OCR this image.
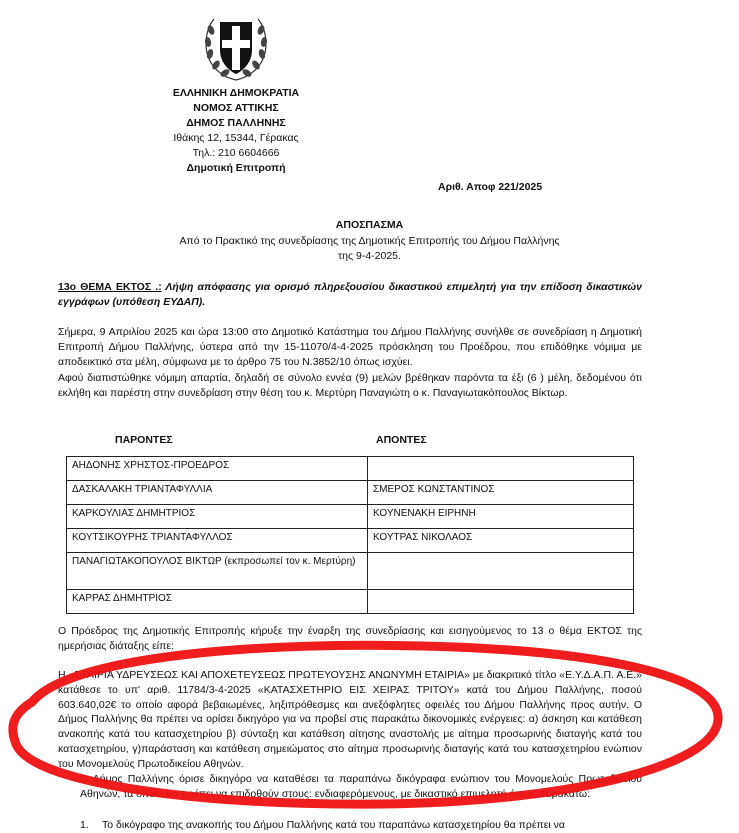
ΕΛΛΗΝΙΚΗ ΔΗΜΟΚΡΑΤΙΑ
ΝΟΜΟΣ ΑΤΤΙΚΗΣ
ΔΗΜΟΣ ΠΑΛΛΗΝΗΣ
Ιθάκης 12, 15344, Γέρακας
Τηλ.: 210 6604666
Δημοτική Επιτροπή
Αριθ. Αποφ 221/2025
ΑΠΟΣΠΑΣΜΑ
Από το Πρακτικό της συνεδρίασης της Δημοτικής Επιτροπής του Δήμου Παλλήνης
της 9-4-2025.
13ο ΘΕΜΑ ΕΚΤΟΣ .: Λήψη απόφασης για ορισμό πληρεξουσίου δικαστικού επιμελητή για την επίδοση δικαστικών εγγράφων (υπόθεση ΕΥΔΑΠ).
Σήμερα, 9 Απριλίου 2025 και ώρα 13:00 στο Δημοτικό Κατάστημα του Δήμου Παλλήνης συνήλθε σε συνεδρίαση η Δημοτική Επιτροπή Δήμου Παλλήνης, ύστερα από την 15-11070/4-4-2025 πρόσκληση του Προέδρου, που επιδόθηκε νόμιμα με αποδεικτικό στα μέλη, σύμφωνα με το άρθρο 75 του Ν.3852/10 όπως ισχύει.
Αφού διαπιστώθηκε νόμιμη απαρτία, δηλαδή σε σύνολο εννέα (9) μελών βρέθηκαν παρόντα τα έξι (6 ) μέλη, δεδομένου ότι εκλήθη και παρέστη στην συνεδρίαση στην θέση του κ. Μερτύρη Παναγιώτη ο κ. Παναγιωτακόπουλος Βίκτωρ.
ΠΑΡΟΝΤΕΣ	ΑΠΟΝΤΕΣ
ΑΗΔΟΝΗΣ ΧΡΗΣΤΟΣ-ΠΡΟΕΔΡΟΣ	
ΔΑΣΚΑΛΑΚΗ ΤΡΙΑΝΤΑΦΥΛΛΙΑ	ΣΜΕΡΟΣ ΚΩΝΣΤΑΝΤΙΝΟΣ
ΚΑΡΚΟΥΛΙΑΣ ΔΗΜΗΤΡΙΟΣ	ΚΟΥΝΕΝΑΚΗ ΕΙΡΗΝΗ
ΚΟΥΤΣΙΚΟΥΡΗΣ ΤΡΙΑΝΤΑΦΥΛΛΟΣ	ΚΟΥΤΡΑΣ ΝΙΚΟΛΑΟΣ
ΠΑΝΑΓΙΩΤΑΚΟΠΟΥΛΟΣ ΒΙΚΤΩΡ (εκπροσωπεί τον κ. Μερτύρη)	
ΚΑΡΡΑΣ ΔΗΜΗΤΡΙΟΣ	
Ο Πρόεδρος της Δημοτικής Επιτροπής κήρυξε την έναρξη της συνεδρίασης και εισηγούμενος το 13 ο θέμα ΕΚΤΟΣ της ημερήσιας διάταξης είπε:
Η «ΕΤΑΙΡΙΑ ΥΔΡΕΥΣΕΩΣ ΚΑΙ ΑΠΟΧΕΤΕΥΣΕΩΣ ΠΡΩΤΕΥΟΥΣΗΣ ΑΝΩΝΥΜΗ ΕΤΑΙΡΙΑ» με διακριτικό τίτλο «Ε.Υ.Δ.Α.Π. Α.Ε.» κατάθεσε το υπ' αριθ. 11784/3-4-2025 «ΚΑΤΑΣΧΕΤΗΡΙΟ ΕΙΣ ΧΕΙΡΑΣ ΤΡΙΤΟΥ» κατά του Δήμου Παλλήνης, ποσού 603.640,02€ το οποίο αφορά βεβαιωμένες, ληξιπρόθεσμες και ανεξόφλητες οφειλές του Δήμου Παλλήνης προς αυτήν. Ο Δήμος Παλλήνης θα πρέπει να ορίσει δικηγόρο για να προβεί στις παρακάτω δικονομικές ενέργειες: α) άσκηση και κατάθεση ανακοπής κατά του κατασχετηρίου β) σύνταξη και κατάθεση αίτησης αναστολής με αίτημα προσωρινής διαταγής κατά του κατασχετηρίου, γ)παράσταση και κατάθεση σημειώματος στο αίτημα προσωρινής διαταγής κατά του κατασχετηρίου ενώπιον του Μονομελούς Πρωτοδικείου Αθηνών.
Ο Δήμος Παλλήνης όρισε δικηγόρο να καταθέσει τα παραπάνω δικόγραφα ενώπιον του Μονομελούς Πρωτοδικείου Αθηνών, τα οποία θα πρέπει να επιδοθούν στους: ενδιαφερόμενους, με δικαστικό επιμελητή όπως παρακάτω:
1. Το δικόγραφο της ανακοπής του Δήμου Παλλήνης κατά του παραπάνω κατασχετηρίου θα πρέπει να
